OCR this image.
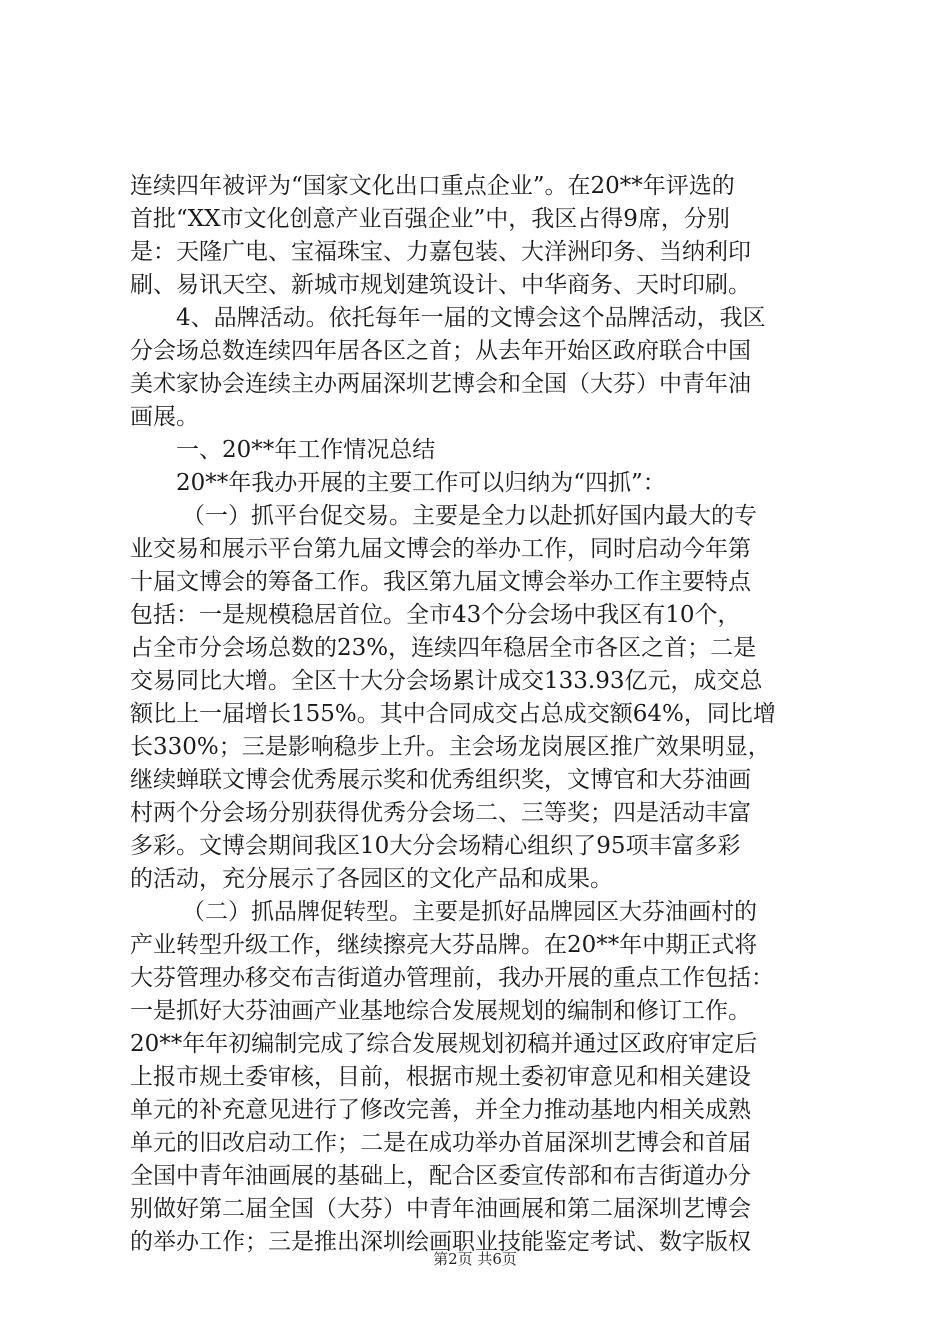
连续四年被评为“国家文化出口重点企业”。在20**年评选的
首批“XX市文化创意产业百强企业”中，我区占得9席，分别
是：天隆广电、宝福珠宝、力嘉包装、大洋洲印务、当纳利印
刷、易讯天空、新城市规划建筑设计、中华商务、天时印刷。
4、品牌活动。依托每年一届的文博会这个品牌活动，我区
分会场总数连续四年居各区之首；从去年开始区政府联合中国
美术家协会连续主办两届深圳艺博会和全国（大芬）中青年油
画展。
一、20**年工作情况总结
20**年我办开展的主要工作可以归纳为“四抓”：
（一）抓平台促交易。主要是全力以赴抓好国内最大的专
业交易和展示平台第九届文博会的举办工作，同时启动今年第
十届文博会的筹备工作。我区第九届文博会举办工作主要特点
包括：一是规模稳居首位。全市43个分会场中我区有10个，
占全市分会场总数的23%，连续四年稳居全市各区之首；二是
交易同比大增。全区十大分会场累计成交133.93亿元，成交总
额比上一届增长155%。其中合同成交占总成交额64%，同比增
长330%；三是影响稳步上升。主会场龙岗展区推广效果明显，
继续蝉联文博会优秀展示奖和优秀组织奖，文博官和大芬油画
村两个分会场分别获得优秀分会场二、三等奖；四是活动丰富
多彩。文博会期间我区10大分会场精心组织了95项丰富多彩
的活动，充分展示了各园区的文化产品和成果。
（二）抓品牌促转型。主要是抓好品牌园区大芬油画村的
产业转型升级工作，继续擦亮大芬品牌。在20**年中期正式将
大芬管理办移交布吉街道办管理前，我办开展的重点工作包括：
一是抓好大芬油画产业基地综合发展规划的编制和修订工作。
20**年年初编制完成了综合发展规划初稿并通过区政府审定后
上报市规土委审核，目前，根据市规土委初审意见和相关建设
单元的补充意见进行了修改完善，并全力推动基地内相关成熟
单元的旧改启动工作；二是在成功举办首届深圳艺博会和首届
全国中青年油画展的基础上，配合区委宣传部和布吉街道办分
别做好第二届全国（大芬）中青年油画展和第二届深圳艺博会
的举办工作；三是推出深圳绘画职业技能鉴定考试、数字版权
第2页 共6页
